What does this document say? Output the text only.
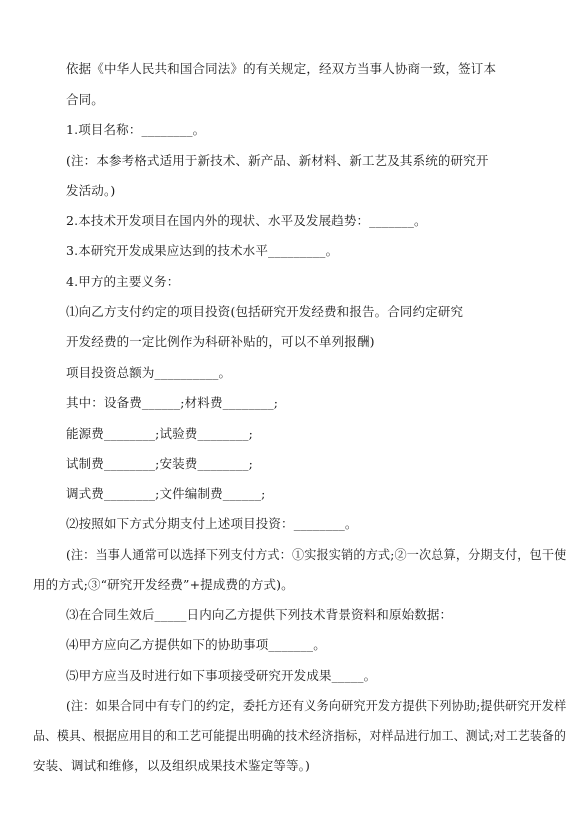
依据《中华人民共和国合同法》的有关规定，经双方当事人协商一致，签订本
合同。
1.项目名称：________。
(注：本参考格式适用于新技术、新产品、新材料、新工艺及其系统的研究开
发活动。)
2.本技术开发项目在国内外的现状、水平及发展趋势：_______。
3.本研究开发成果应达到的技术水平_________。
4.甲方的主要义务：
⑴向乙方支付约定的项目投资(包括研究开发经费和报告。合同约定研究
开发经费的一定比例作为科研补贴的，可以不单列报酬)
项目投资总额为__________。
其中：设备费______;材料费________;
能源费________;试验费________;
试制费________;安装费________;
调式费________;文件编制费______;
⑵按照如下方式分期支付上述项目投资：________。
(注：当事人通常可以选择下列支付方式：①实报实销的方式;②一次总算，分期支付，包干使
用的方式;③“研究开发经费”+提成费的方式)。
⑶在合同生效后_____日内向乙方提供下列技术背景资料和原始数据：
⑷甲方应向乙方提供如下的协助事项_______。
⑸甲方应当及时进行如下事项接受研究开发成果_____。
(注：如果合同中有专门的约定，委托方还有义务向研究开发方提供下列协助;提供研究开发样
品、模具、根据应用目的和工艺可能提出明确的技术经济指标，对样品进行加工、测试;对工艺装备的
安装、调试和维修，以及组织成果技术鉴定等等。)
